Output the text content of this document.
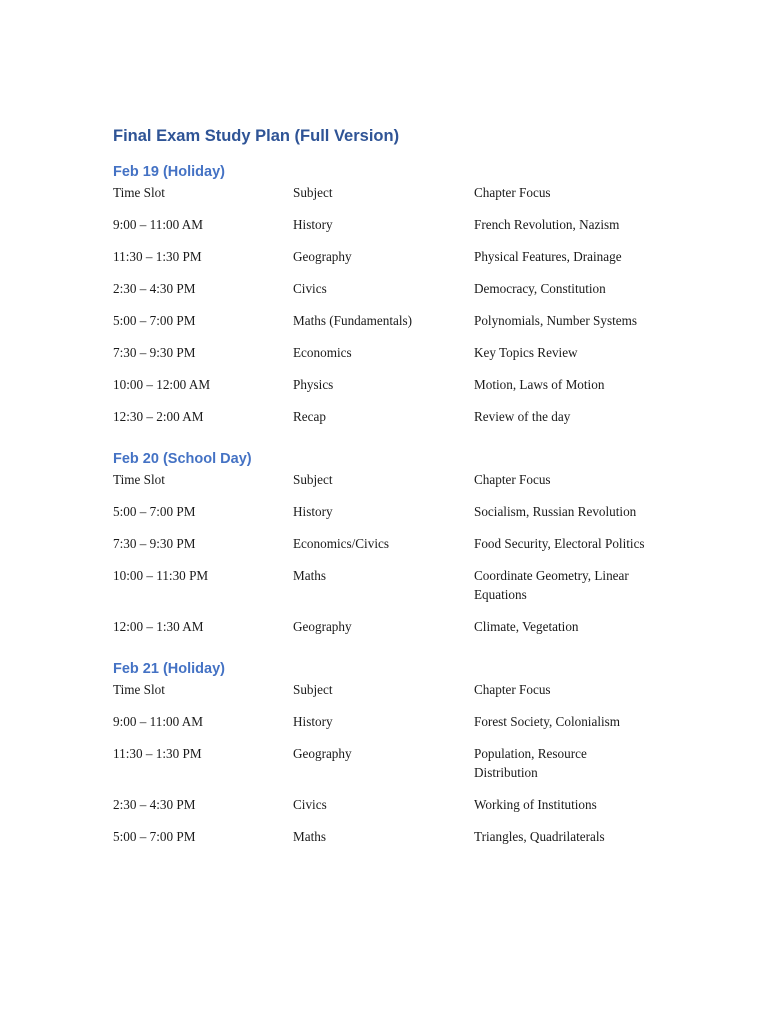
Final Exam Study Plan (Full Version)
Feb 19 (Holiday)
Time Slot	Subject	Chapter Focus
9:00 – 11:00 AM	History	French Revolution, Nazism
11:30 – 1:30 PM	Geography	Physical Features, Drainage
2:30 – 4:30 PM	Civics	Democracy, Constitution
5:00 – 7:00 PM	Maths (Fundamentals)	Polynomials, Number Systems
7:30 – 9:30 PM	Economics	Key Topics Review
10:00 – 12:00 AM	Physics	Motion, Laws of Motion
12:30 – 2:00 AM	Recap	Review of the day
Feb 20 (School Day)
Time Slot	Subject	Chapter Focus
5:00 – 7:00 PM	History	Socialism, Russian Revolution
7:30 – 9:30 PM	Economics/Civics	Food Security, Electoral Politics
10:00 – 11:30 PM	Maths	Coordinate Geometry, Linear Equations
12:00 – 1:30 AM	Geography	Climate, Vegetation
Feb 21 (Holiday)
Time Slot	Subject	Chapter Focus
9:00 – 11:00 AM	History	Forest Society, Colonialism
11:30 – 1:30 PM	Geography	Population, Resource Distribution
2:30 – 4:30 PM	Civics	Working of Institutions
5:00 – 7:00 PM	Maths	Triangles, Quadrilaterals
